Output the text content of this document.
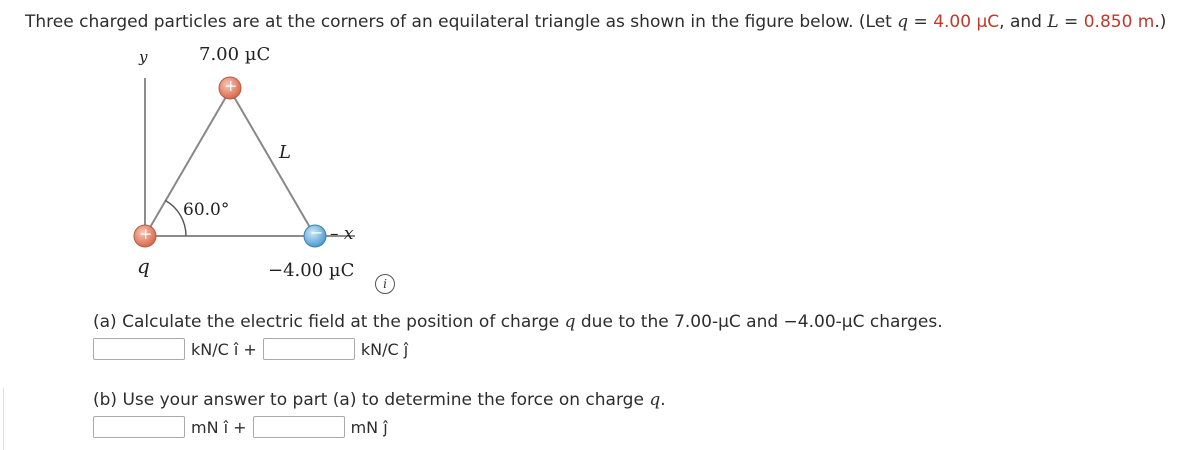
Three charged particles are at the corners of an equilateral triangle as shown in the figure below. (Let q = 4.00 µC, and L = 0.850 m.)
y	7.00 µC
+
+	−
L
60.0°
– x
q	−4.00 µC
i
(a) Calculate the electric field at the position of charge q due to the 7.00-µC and −4.00-µC charges.
kN/C î +	kN/C ĵ
(b) Use your answer to part (a) to determine the force on charge q.
mN î +	mN ĵ
